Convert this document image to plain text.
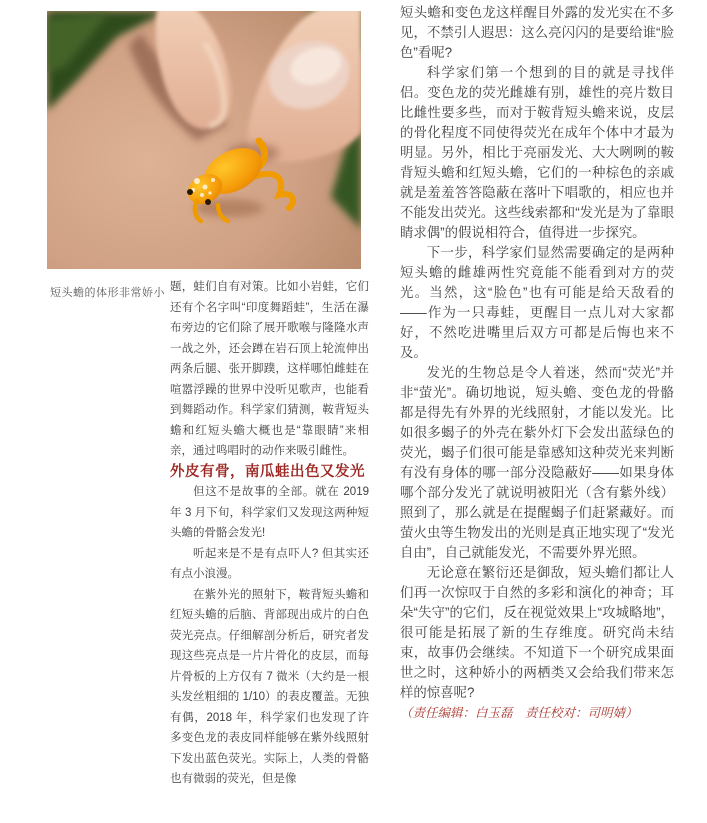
短头蟾的体形非常娇小 题，蛙们自有对策。比如小岩蛙，它们还有个名字叫“印度舞蹈蛙”，生活在瀑布旁边的它们除了展开歌喉与隆隆水声一战之外，还会蹲在岩石顶上轮流伸出两条后腿、张开脚蹼，这样哪怕雌蛙在喧嚣浮躁的世界中没听见歌声，也能看到舞蹈动作。科学家们猜测，鞍背短头蟾和红短头蟾大概也是“靠眼睛”来相亲，通过鸣唱时的动作来吸引雌性。

外皮有骨，南瓜蛙出色又发光

但这不是故事的全部。就在 2019 年 3 月下旬，科学家们又发现这两种短头蟾的骨骼会发光!

听起来是不是有点吓人? 但其实还有点小浪漫。

在紫外光的照射下，鞍背短头蟾和红短头蟾的后脑、背部现出成片的白色荧光亮点。仔细解剖分析后，研究者发现这些亮点是一片片骨化的皮层，而每片骨板的上方仅有 7 微米（大约是一根头发丝粗细的 1/10）的表皮覆盖。无独有偶，2018 年，科学家们也发现了许多变色龙的表皮同样能够在紫外线照射下发出蓝色荧光。实际上，人类的骨骼也有微弱的荧光，但是像

短头蟾和变色龙这样醒目外露的发光实在不多见，不禁引人遐思：这么亮闪闪的是要给谁“脸色”看呢?

科学家们第一个想到的目的就是寻找伴侣。变色龙的荧光雌雄有别，雄性的亮片数目比雌性要多些，而对于鞍背短头蟾来说，皮层的骨化程度不同使得荧光在成年个体中才最为明显。另外，相比于亮丽发光、大大咧咧的鞍背短头蟾和红短头蟾，它们的一种棕色的亲戚就是羞羞答答隐蔽在落叶下唱歌的，相应也并不能发出荧光。这些线索都和“发光是为了靠眼睛求偶”的假说相符合，值得进一步探究。

下一步，科学家们显然需要确定的是两种短头蟾的雌雄两性究竟能不能看到对方的荧光。当然，这“脸色”也有可能是给天敌看的——作为一只毒蛙，更醒目一点儿对大家都好，不然吃进嘴里后双方可都是后悔也来不及。

发光的生物总是令人着迷，然而“荧光”并非“萤光”。确切地说，短头蟾、变色龙的骨骼都是得先有外界的光线照射，才能以发光。比如很多蝎子的外壳在紫外灯下会发出蓝绿色的荧光，蝎子们很可能是靠感知这种荧光来判断有没有身体的哪一部分没隐蔽好——如果身体哪个部分发光了就说明被阳光（含有紫外线）照到了，那么就是在提醒蝎子们赶紧藏好。而萤火虫等生物发出的光则是真正地实现了“发光自由”，自己就能发光，不需要外界光照。

无论意在繁衍还是御敌，短头蟾们都让人们再一次惊叹于自然的多彩和演化的神奇；耳朵“失守”的它们，反在视觉效果上“攻城略地”，很可能是拓展了新的生存维度。研究尚未结束，故事仍会继续。不知道下一个研究成果面世之时，这种娇小的两栖类又会给我们带来怎样的惊喜呢?

（责任编辑：白玉磊　责任校对：司明婧）
